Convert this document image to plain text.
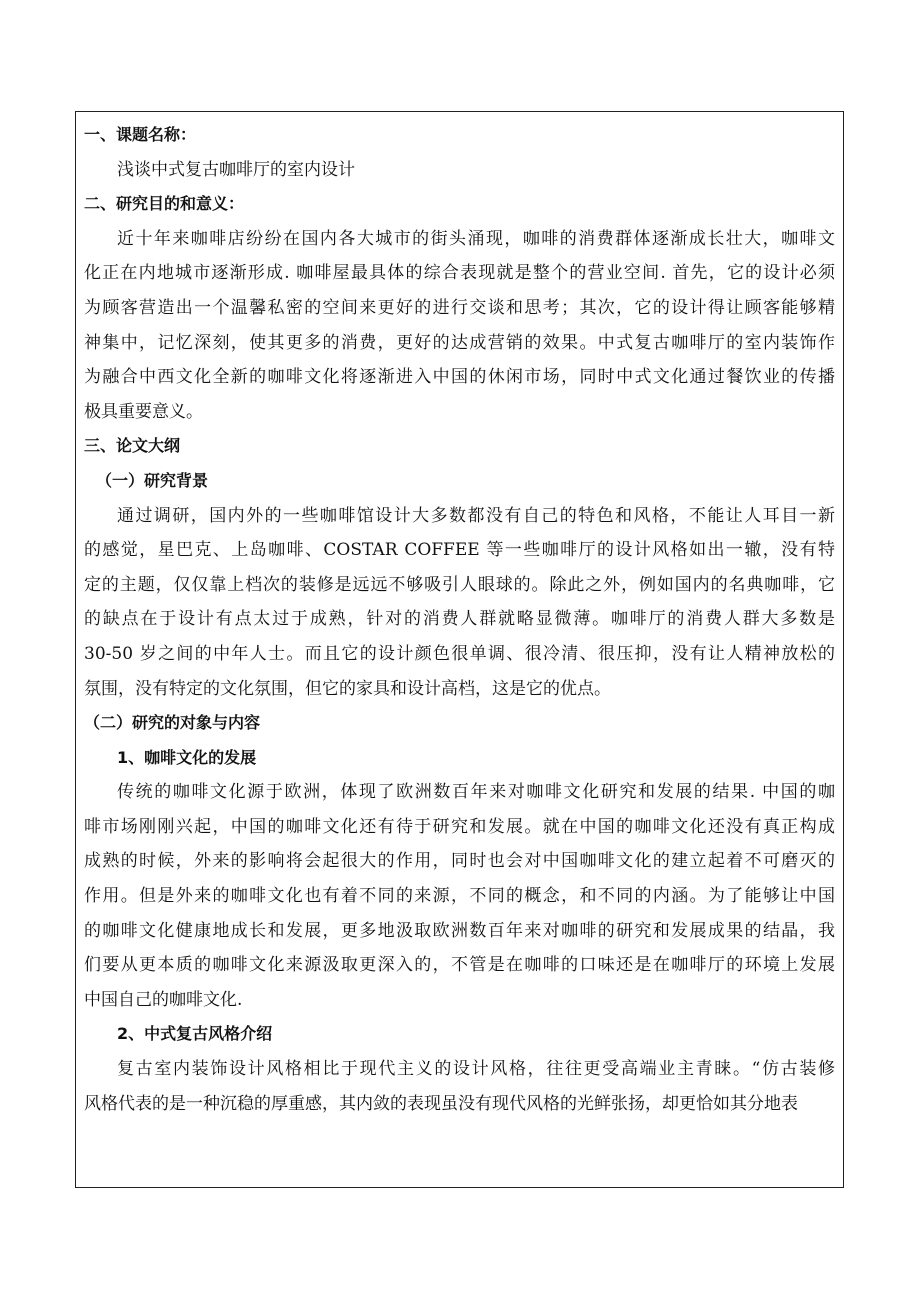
一、课题名称：
浅谈中式复古咖啡厅的室内设计
二、研究目的和意义：
近十年来咖啡店纷纷在国内各大城市的街头涌现，咖啡的消费群体逐渐成长壮大，咖啡文
化正在内地城市逐渐形成. 咖啡屋最具体的综合表现就是整个的营业空间. 首先，它的设计必须
为顾客营造出一个温馨私密的空间来更好的进行交谈和思考；其次，它的设计得让顾客能够精
神集中，记忆深刻，使其更多的消费，更好的达成营销的效果。中式复古咖啡厅的室内装饰作
为融合中西文化全新的咖啡文化将逐渐进入中国的休闲市场，同时中式文化通过餐饮业的传播
极具重要意义。
三、论文大纲
（一）研究背景
通过调研，国内外的一些咖啡馆设计大多数都没有自己的特色和风格，不能让人耳目一新
的感觉，星巴克、上岛咖啡、COSTAR COFFEE 等一些咖啡厅的设计风格如出一辙，没有特
定的主题，仅仅靠上档次的装修是远远不够吸引人眼球的。除此之外，例如国内的名典咖啡，它
的缺点在于设计有点太过于成熟，针对的消费人群就略显微薄。咖啡厅的消费人群大多数是
30-50 岁之间的中年人士。而且它的设计颜色很单调、很冷清、很压抑，没有让人精神放松的
氛围，没有特定的文化氛围，但它的家具和设计高档，这是它的优点。
（二）研究的对象与内容
1、咖啡文化的发展
传统的咖啡文化源于欧洲，体现了欧洲数百年来对咖啡文化研究和发展的结果. 中国的咖
啡市场刚刚兴起，中国的咖啡文化还有待于研究和发展。就在中国的咖啡文化还没有真正构成
成熟的时候，外来的影响将会起很大的作用，同时也会对中国咖啡文化的建立起着不可磨灭的
作用。但是外来的咖啡文化也有着不同的来源，不同的概念，和不同的内涵。为了能够让中国
的咖啡文化健康地成长和发展，更多地汲取欧洲数百年来对咖啡的研究和发展成果的结晶，我
们要从更本质的咖啡文化来源汲取更深入的，不管是在咖啡的口味还是在咖啡厅的环境上发展
中国自己的咖啡文化.
2、中式复古风格介绍
复古室内装饰设计风格相比于现代主义的设计风格，往往更受高端业主青睐。“仿古装修
风格代表的是一种沉稳的厚重感，其内敛的表现虽没有现代风格的光鲜张扬，却更恰如其分地表
